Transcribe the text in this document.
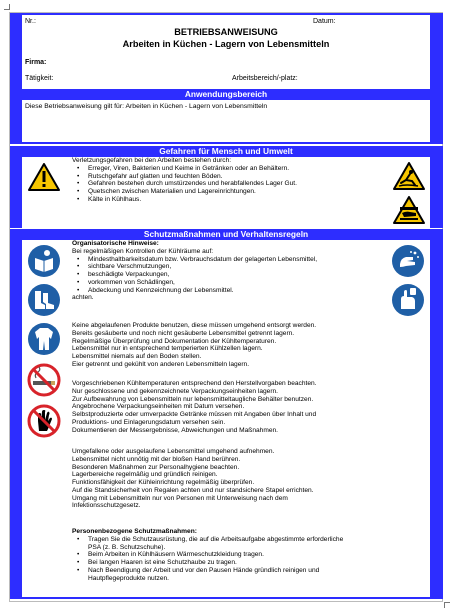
Nr.:	Datum:
BETRIEBSANWEISUNG
Arbeiten in Küchen - Lagern von Lebensmitteln
Firma:
Tätigkeit:	Arbeitsbereich/-platz:
Anwendungsbereich
Diese Betriebsanweisung gilt für: Arbeiten in Küchen - Lagern von Lebensmitteln
Gefahren für Mensch und Umwelt

Verletzungsgefahren bei den Arbeiten bestehen durch:

• Erreger, Viren, Bakterien und Keime in Getränken oder an Behältern.
• Rutschgefahr auf glatten und feuchten Böden.
• Gefahren bestehen durch umstürzendes und herabfallendes Lager Gut.
• Quetschen zwischen Materialien und Lagereinrichtungen.
• Kälte in Kühlhaus.
Schutzmaßnahmen und Verhaltensregeln

Organisatorische Hinweise:

Bei regelmäßigen Kontrollen der Kühlräume auf:

• Mindesthaltbarkeitsdatum bzw. Verbrauchsdatum der gelagerten Lebensmittel,
• sichtbare Verschmutzungen,
• beschädigte Verpackungen,
• vorkommen von Schädlingen,
• Abdeckung und Kennzeichnung der Lebensmittel.

achten.

Keine abgelaufenen Produkte benutzen, diese müssen umgehend entsorgt werden.

Bereits gesäuberte und noch nicht gesäuberte Lebensmittel getrennt lagern.

Regelmäßige Überprüfung und Dokumentation der Kühltemperaturen.

Lebensmittel nur in entsprechend temperierten Kühlzellen lagern.

Lebensmittel niemals auf den Boden stellen.

Eier getrennt und gekühlt von anderen Lebensmitteln lagern.

Vorgeschriebenen Kühltemperaturen entsprechend den Herstellvorgaben beachten.

Nur geschlossene und gekennzeichnete Verpackungseinheiten lagern.

Zur Aufbewahrung von Lebensmitteln nur lebensmitteltaugliche Behälter benutzen.

Angebrochene Verpackungseinheiten mit Datum versehen.

Selbstproduzierte oder umverpackte Getränke müssen mit Angaben über Inhalt und

Produktions- und Einlagerungsdatum versehen sein.

Dokumentieren der Messergebnisse, Abweichungen und Maßnahmen.

Umgefallene oder ausgelaufene Lebensmittel umgehend aufnehmen.

Lebensmittel nicht unnötig mit der bloßen Hand berühren.

Besonderen Maßnahmen zur Personalhygiene beachten.

Lagerbereiche regelmäßig und gründlich reinigen.

Funktionsfähigkeit der Kühleinrichtung regelmäßig überprüfen.

Auf die Standsicherheit von Regalen achten und nur standsichere Stapel errichten.

Umgang mit Lebensmitteln nur von Personen mit Unterweisung nach dem

Infektionsschutzgesetz.

Personenbezogene Schutzmaßnahmen:

• Tragen Sie die Schutzausrüstung, die auf die Arbeitsaufgabe abgestimmte erforderliche PSA (z. B. Schutzschuhe).
• Beim Arbeiten in Kühlhäusern Wärmeschutzkleidung tragen.
• Bei langen Haaren ist eine Schutzhaube zu tragen.
• Nach Beendigung der Arbeit und vor den Pausen Hände gründlich reinigen und Hautpflegeprodukte nutzen.
